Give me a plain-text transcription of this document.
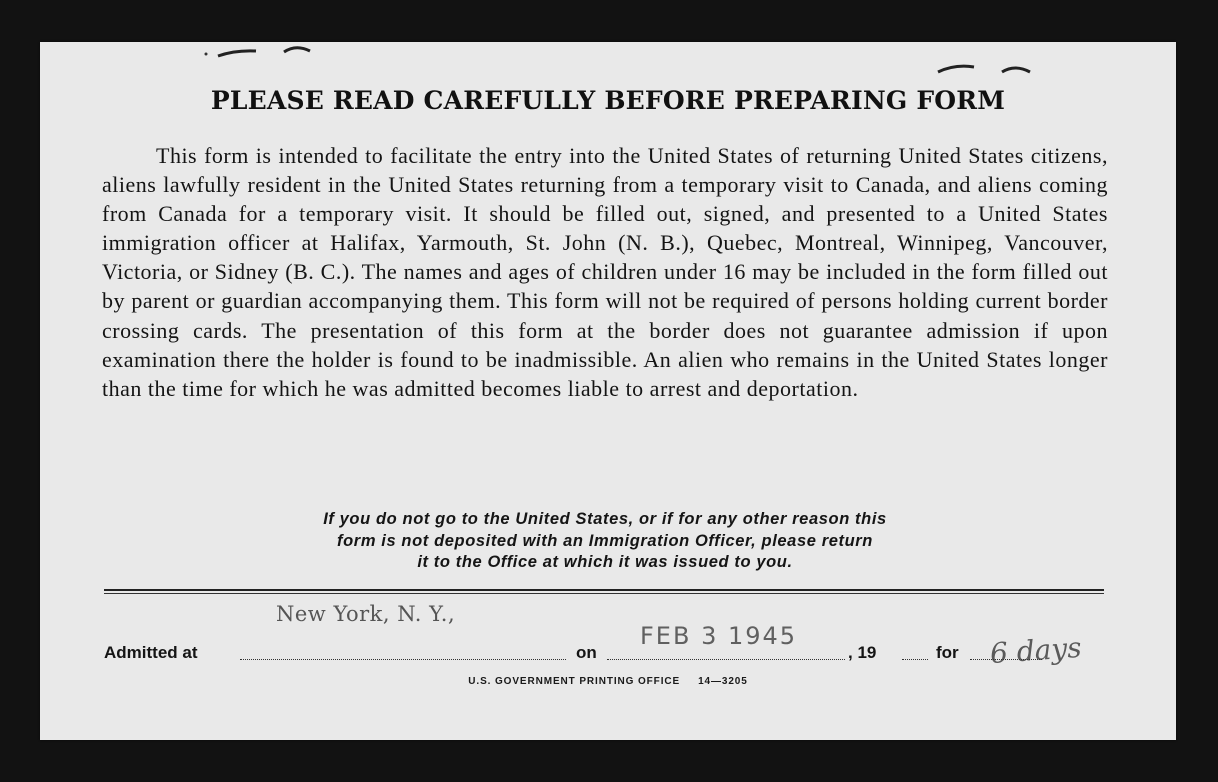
PLEASE READ CAREFULLY BEFORE PREPARING FORM
This form is intended to facilitate the entry into the United States of returning United States citizens, aliens lawfully resident in the United States returning from a temporary visit to Canada, and aliens coming from Canada for a temporary visit. It should be filled out, signed, and presented to a United States immigration officer at Halifax, Yarmouth, St. John (N. B.), Quebec, Montreal, Winnipeg, Vancouver, Victoria, or Sidney (B. C.). The names and ages of children under 16 may be included in the form filled out by parent or guardian accompanying them. This form will not be required of persons holding current border crossing cards. The presentation of this form at the border does not guarantee admission if upon examination there the holder is found to be inadmissible. An alien who remains in the United States longer than the time for which he was admitted becomes liable to arrest and deportation.
If you do not go to the United States, or if for any other reason this
form is not deposited with an Immigration Officer, please return
it to the Office at which it was issued to you.
New York, N. Y.,
FEB 3 1945	6 days
Admitted at	on	, 19	for
U.S. GOVERNMENT PRINTING OFFICE 14—3205
